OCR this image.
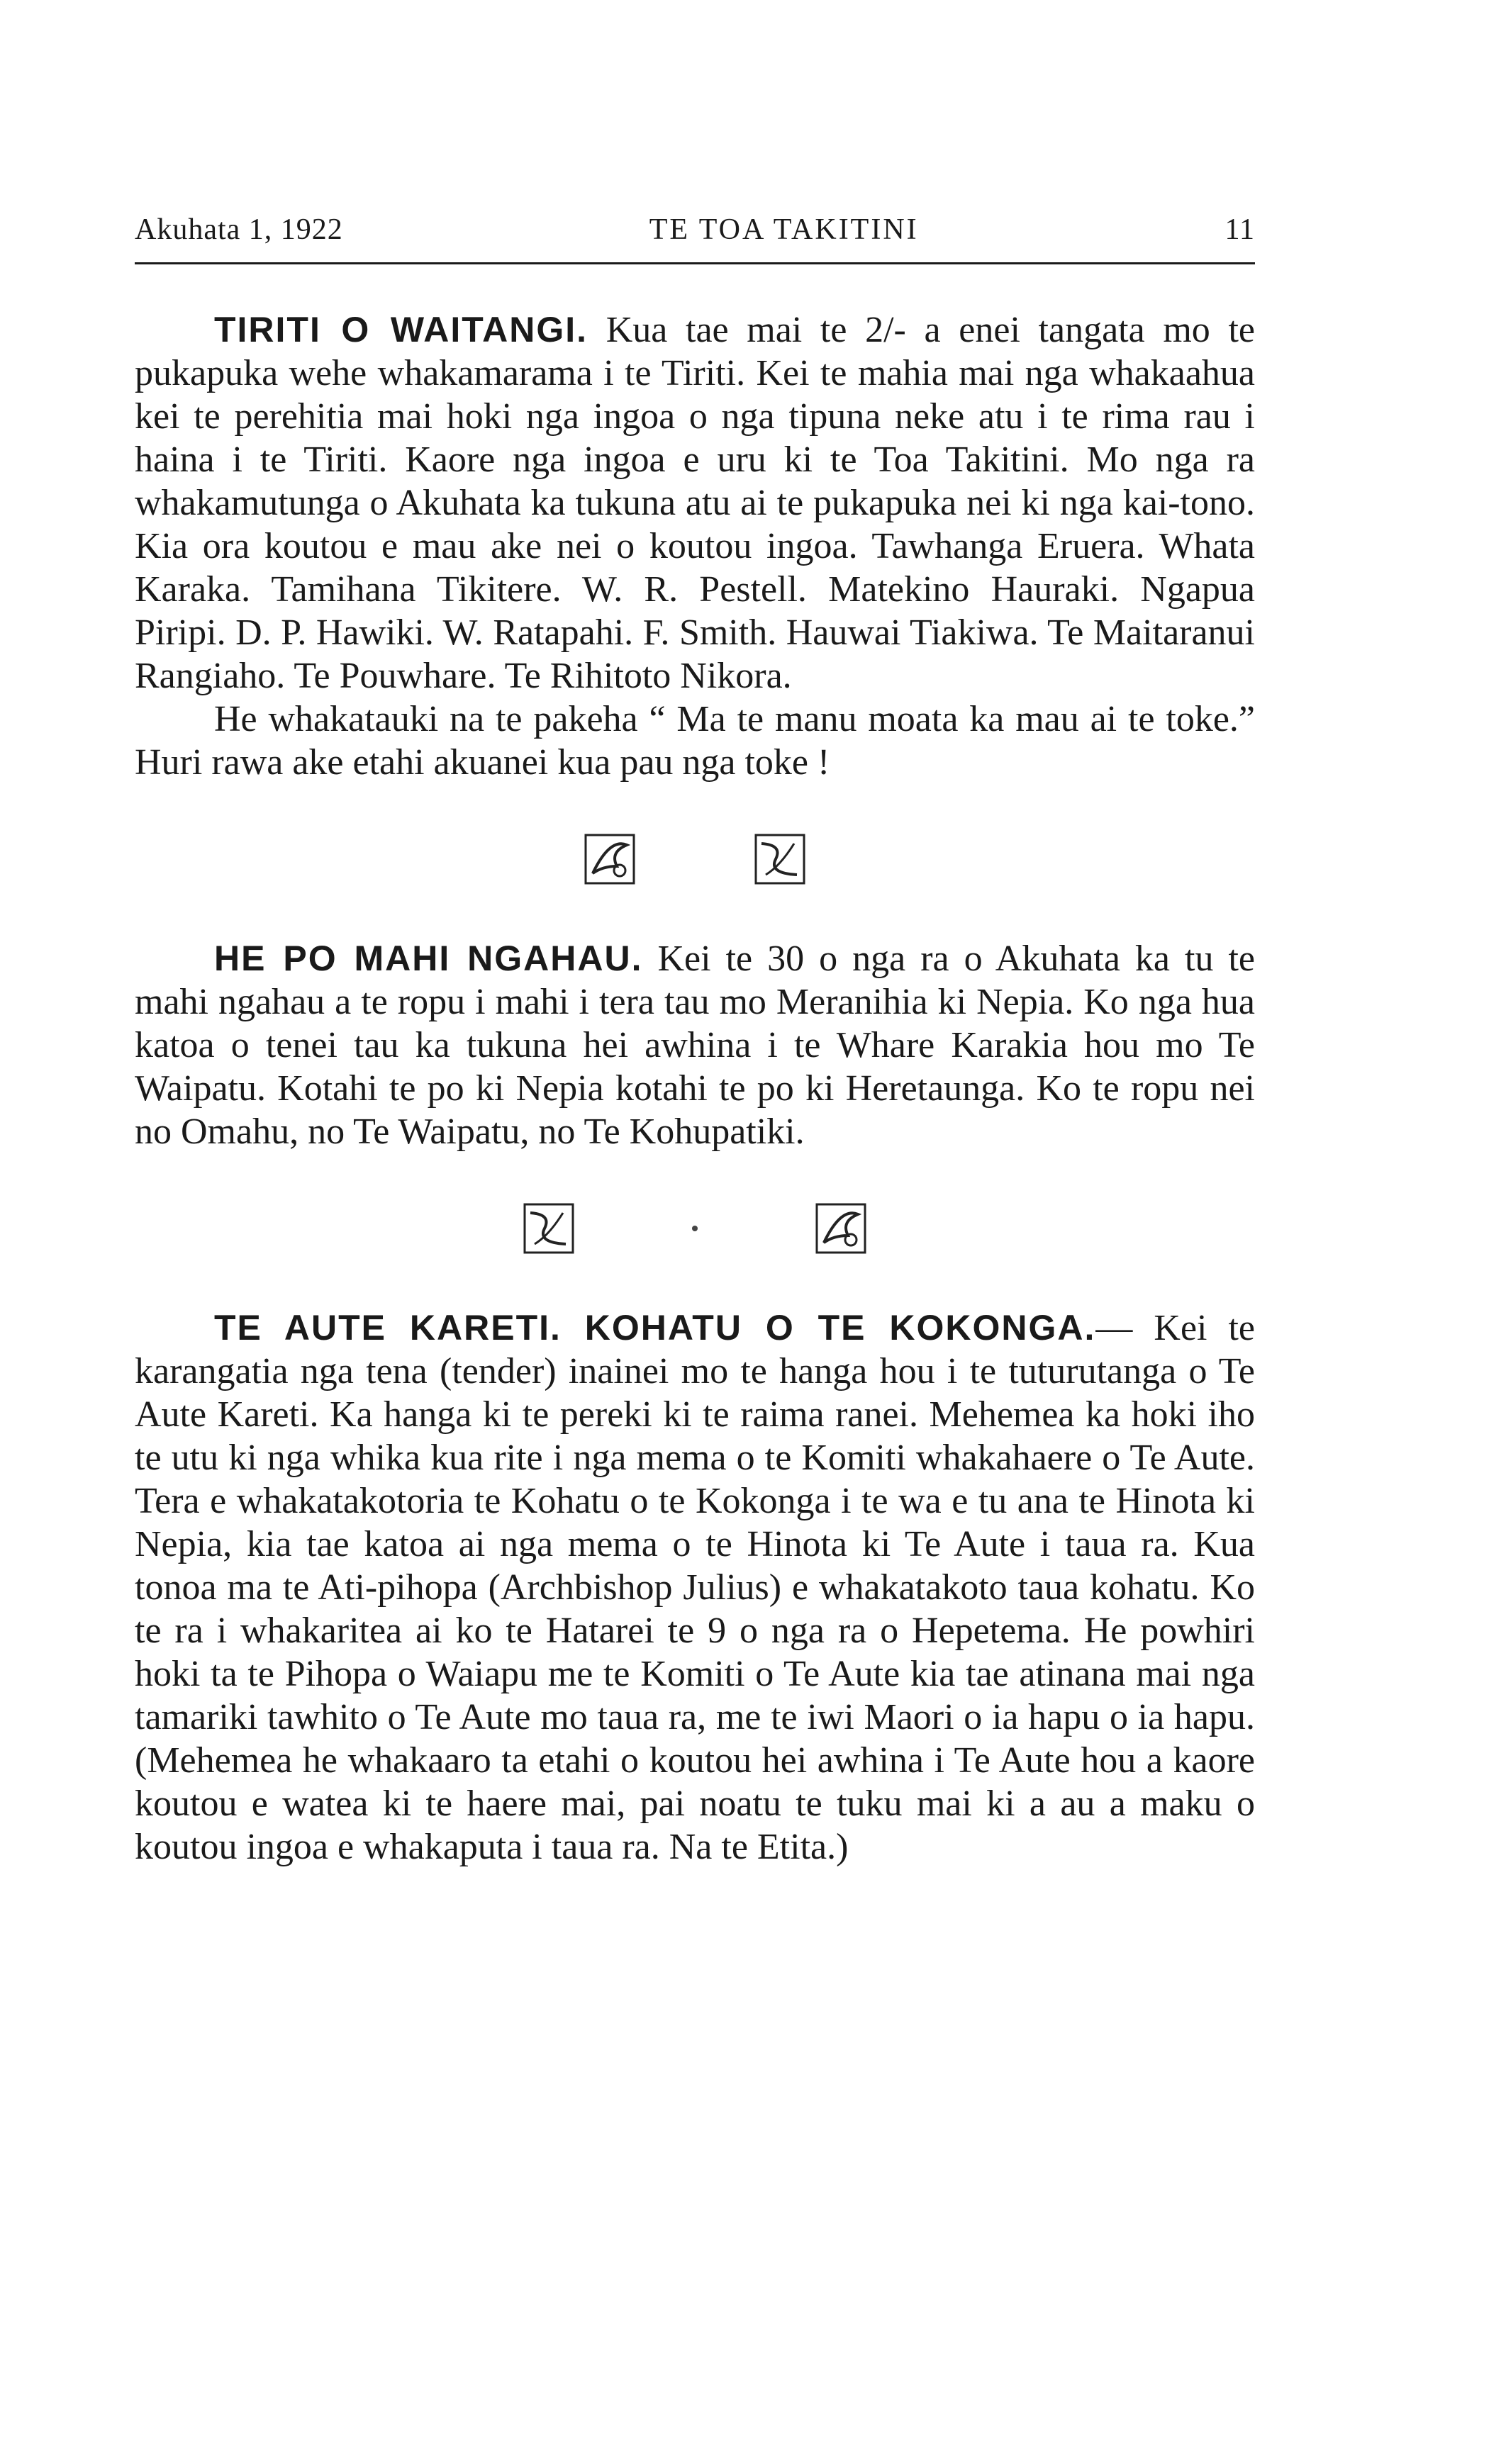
Akuhata 1, 1922	TE TOA TAKITINI	11

TIRITI O WAITANGI. Kua tae mai te 2/- a enei tangata mo te pukapuka wehe whakamarama i te Tiriti. Kei te mahia mai nga whakaahua kei te perehitia mai hoki nga ingoa o nga tipuna neke atu i te rima rau i haina i te Tiriti. Kaore nga ingoa e uru ki te Toa Takitini. Mo nga ra whakamutunga o Akuhata ka tukuna atu ai te pukapuka nei ki nga kai-tono. Kia ora koutou e mau ake nei o koutou ingoa. Tawhanga Eruera. Whata Karaka. Tamihana Tikitere. W. R. Pestell. Matekino Hauraki. Ngapua Piripi. D. P. Hawiki. W. Ratapahi. F. Smith. Hauwai Tiakiwa. Te Maitaranui Rangiaho. Te Pouwhare. Te Rihitoto Nikora.

He whakatauki na te pakeha “ Ma te manu moata ka mau ai te toke.” Huri rawa ake etahi akuanei kua pau nga toke !

HE PO MAHI NGAHAU. Kei te 30 o nga ra o Akuhata ka tu te mahi ngahau a te ropu i mahi i tera tau mo Meranihia ki Nepia. Ko nga hua katoa o tenei tau ka tukuna hei awhina i te Whare Karakia hou mo Te Waipatu. Kotahi te po ki Nepia kotahi te po ki Heretaunga. Ko te ropu nei no Omahu, no Te Waipatu, no Te Kohupatiki.

TE AUTE KARETI. KOHATU O TE KOKONGA.— Kei te karangatia nga tena (tender) inainei mo te hanga hou i te tuturutanga o Te Aute Kareti. Ka hanga ki te pereki ki te raima ranei. Mehemea ka hoki iho te utu ki nga whika kua rite i nga mema o te Komiti whakahaere o Te Aute. Tera e whakatakotoria te Kohatu o te Kokonga i te wa e tu ana te Hinota ki Nepia, kia tae katoa ai nga mema o te Hinota ki Te Aute i taua ra. Kua tonoa ma te Ati-pihopa (Archbishop Julius) e whakatakoto taua kohatu. Ko te ra i whakaritea ai ko te Hatarei te 9 o nga ra o Hepetema. He powhiri hoki ta te Pihopa o Waiapu me te Komiti o Te Aute kia tae atinana mai nga tamariki tawhito o Te Aute mo taua ra, me te iwi Maori o ia hapu o ia hapu. (Mehemea he whakaaro ta etahi o koutou hei awhina i Te Aute hou a kaore koutou e watea ki te haere mai, pai noatu te tuku mai ki a au a maku o koutou ingoa e whakaputa i taua ra. Na te Etita.)
